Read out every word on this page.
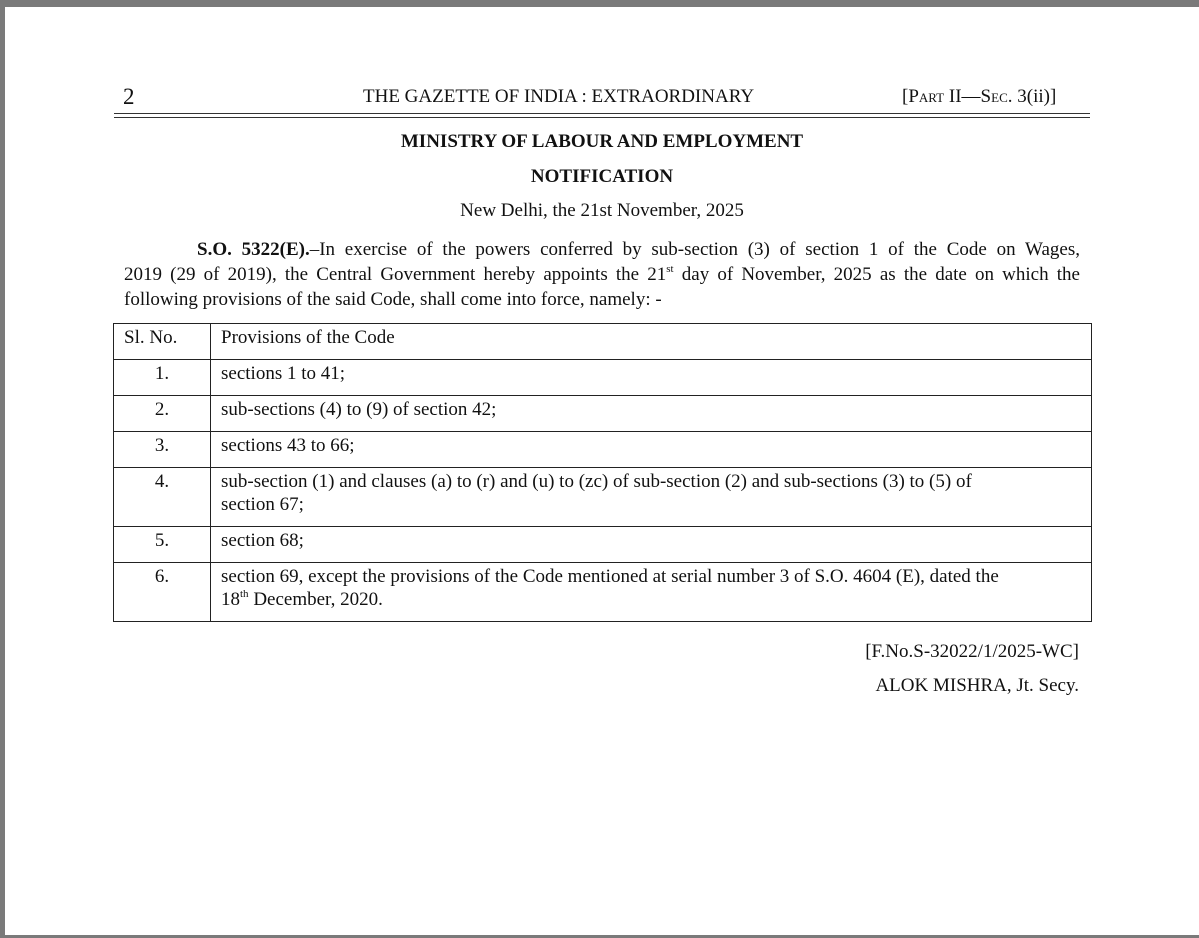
2	THE GAZETTE OF INDIA : EXTRAORDINARY	[Part II—Sec. 3(ii)]
MINISTRY OF LABOUR AND EMPLOYMENT
NOTIFICATION
New Delhi, the 21st November, 2025
S.O. 5322(E).–In exercise of the powers conferred by sub-section (3) of section 1 of the Code on Wages,
2019 (29 of 2019), the Central Government hereby appoints the 21st day of November, 2025 as the date on which the
following provisions of the said Code, shall come into force, namely: -
Sl. No.	Provisions of the Code
1.	sections 1 to 41;
2.	sub-sections (4) to (9) of section 42;
3.	sections 43 to 66;
4.	sub-section (1) and clauses (a) to (r) and (u) to (zc) of sub-section (2) and sub-sections (3) to (5) of
section 67;
5.	section 68;
6.	section 69, except the provisions of the Code mentioned at serial number 3 of S.O. 4604 (E), dated the
18th December, 2020.
[F.No.S-32022/1/2025-WC]
ALOK MISHRA, Jt. Secy.
